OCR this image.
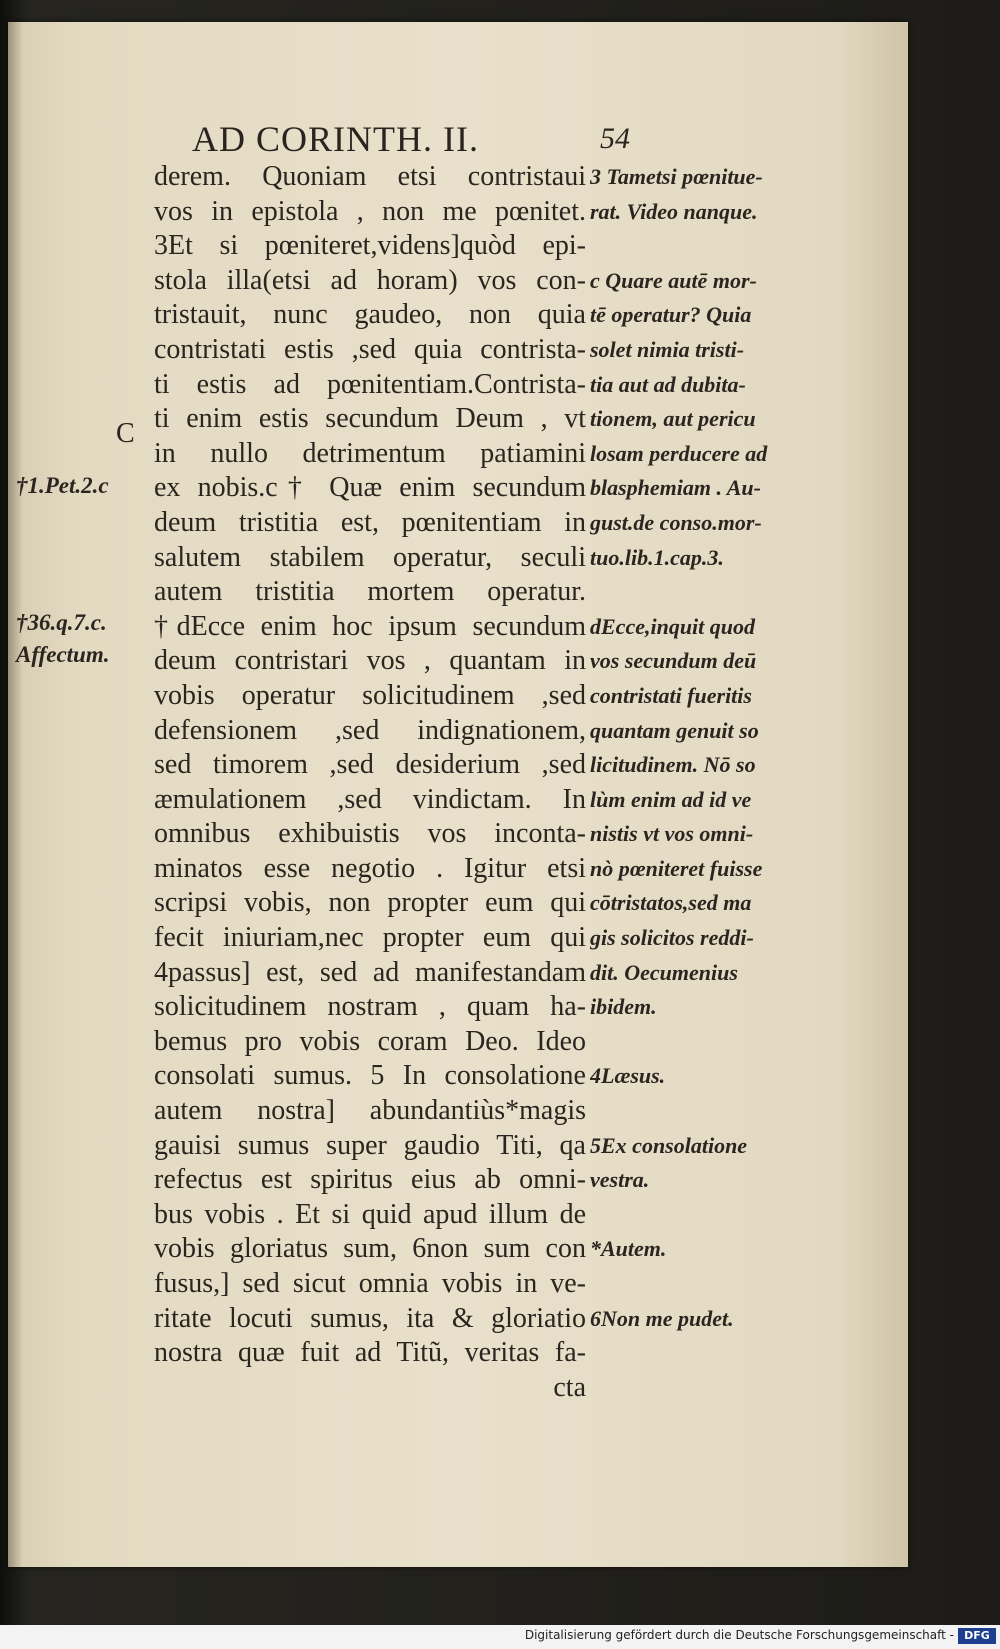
AD CORINTH. II.	54
derem. Quoniam etsi contristaui
vos in epistola , non me pœnitet.
3Et si pœniteret,videns]quòd epi-
stola illa(etsi ad horam) vos con-
tristauit, nunc gaudeo, non quia
contristati estis ,sed quia contrista-
ti estis ad pœnitentiam.Contrista-
ti enim estis secundum Deum , vt
in nullo detrimentum patiamini
ex nobis.c† Quæ enim secundum
deum tristitia est, pœnitentiam in
salutem stabilem operatur, seculi
autem tristitia mortem operatur.
†dEcce enim hoc ipsum secundum
deum contristari vos , quantam in
vobis operatur solicitudinem ,sed
defensionem ,sed indignationem,
sed timorem ,sed desiderium ,sed
æmulationem ,sed vindictam. In
omnibus exhibuistis vos inconta-
minatos esse negotio . Igitur etsi
scripsi vobis, non propter eum qui
fecit iniuriam,nec propter eum qui
4passus] est, sed ad manifestandam
solicitudinem nostram , quam ha-
bemus pro vobis coram Deo. Ideo
consolati sumus. 5 In consolatione
autem nostra] abundantiùs*magis
gauisi sumus super gaudio Titi, qa
refectus est spiritus eius ab omni-
bus vobis . Et si quid apud illum de
vobis gloriatus sum, 6non sum con
fusus,] sed sicut omnia vobis in ve-
ritate locuti sumus, ita & gloriatio
nostra quæ fuit ad Titũ, veritas fa-
cta
3 Tametsi pœnitue-
rat. Video nanque.
c Quare autē mor-
tē operatur? Quia
solet nimia tristi-
tia aut ad dubita-
tionem, aut pericu
losam perducere ad
blasphemiam . Au-
gust.de conso.mor-
tuo.lib.1.cap.3.
dEcce,inquit quod
vos secundum deū
contristati fueritis
quantam genuit so
licitudinem. Nō so
lùm enim ad id ve
nistis vt vos omni-
nò pœniteret fuisse
cōtristatos,sed ma
gis solicitos reddi-
dit. Oecumenius
ibidem.
4Læsus.
5Ex consolatione
vestra.
*Autem.
6Non me pudet.
C
†1.Pet.2.c
†36.q.7.c.
Affectum.
Digitalisierung gefördert durch die Deutsche Forschungsgemeinschaft - DFG
